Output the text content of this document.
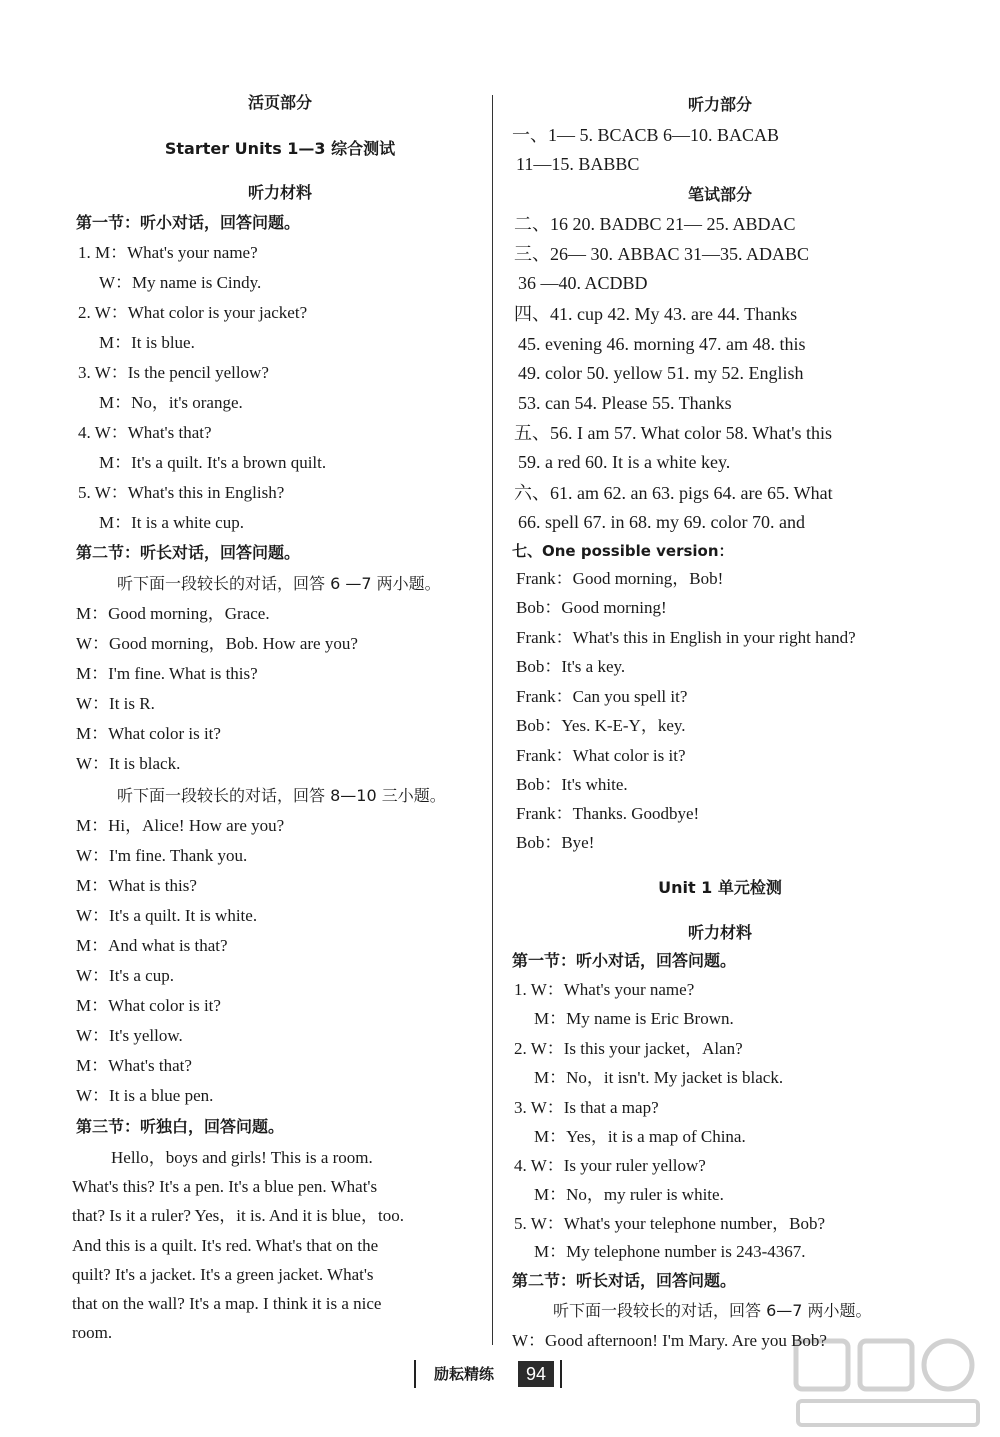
活页部分
Starter Units 1—3 综合测试
听力材料
第一节：听小对话，回答问题。
1. M：What's your name?
W：My name is Cindy.
2. W：What color is your jacket?
M：It is blue.
3. W：Is the pencil yellow?
M：No，it's orange.
4. W：What's that?
M：It's a quilt. It's a brown quilt.
5. W：What's this in English?
M：It is a white cup.
第二节：听长对话，回答问题。
听下面一段较长的对话，回答 6 —7 两小题。
M：Good morning，Grace.
W：Good morning，Bob. How are you?
M：I'm fine. What is this?
W：It is R.
M：What color is it?
W：It is black.
听下面一段较长的对话，回答 8—10 三小题。
M：Hi，Alice! How are you?
W：I'm fine. Thank you.
M：What is this?
W：It's a quilt. It is white.
M：And what is that?
W：It's a cup.
M：What color is it?
W：It's yellow.
M：What's that?
W：It is a blue pen.
第三节：听独白，回答问题。
Hello，boys and girls! This is a room.
What's this? It's a pen. It's a blue pen. What's
that? Is it a ruler? Yes，it is. And it is blue，too.
And this is a quilt. It's red. What's that on the
quilt? It's a jacket. It's a green jacket. What's
that on the wall? It's a map. I think it is a nice
room.
听力部分
一、1— 5. BCACB 6—10. BACAB
11—15. BABBC
笔试部分
二、16 20. BADBC 21— 25. ABDAC
三、26— 30. ABBAC 31—35. ADABC
36 —40. ACDBD
四、41. cup 42. My 43. are 44. Thanks
45. evening 46. morning 47. am 48. this
49. color 50. yellow 51. my 52. English
53. can 54. Please 55. Thanks
五、56. I am 57. What color 58. What's this
59. a red 60. It is a white key.
六、61. am 62. an 63. pigs 64. are 65. What
66. spell 67. in 68. my 69. color 70. and
七、One possible version：
Frank：Good morning，Bob!
Bob：Good morning!
Frank：What's this in English in your right hand?
Bob：It's a key.
Frank：Can you spell it?
Bob：Yes. K-E-Y，key.
Frank：What color is it?
Bob：It's white.
Frank：Thanks. Goodbye!
Bob：Bye!
Unit 1 单元检测
听力材料
第一节：听小对话，回答问题。
1. W：What's your name?
M：My name is Eric Brown.
2. W：Is this your jacket，Alan?
M：No，it isn't. My jacket is black.
3. W：Is that a map?
M：Yes，it is a map of China.
4. W：Is your ruler yellow?
M：No，my ruler is white.
5. W：What's your telephone number，Bob?
M：My telephone number is 243-4367.
第二节：听长对话，回答问题。
听下面一段较长的对话，回答 6—7 两小题。
W：Good afternoon! I'm Mary. Are you Bob?
励耘精练	94
